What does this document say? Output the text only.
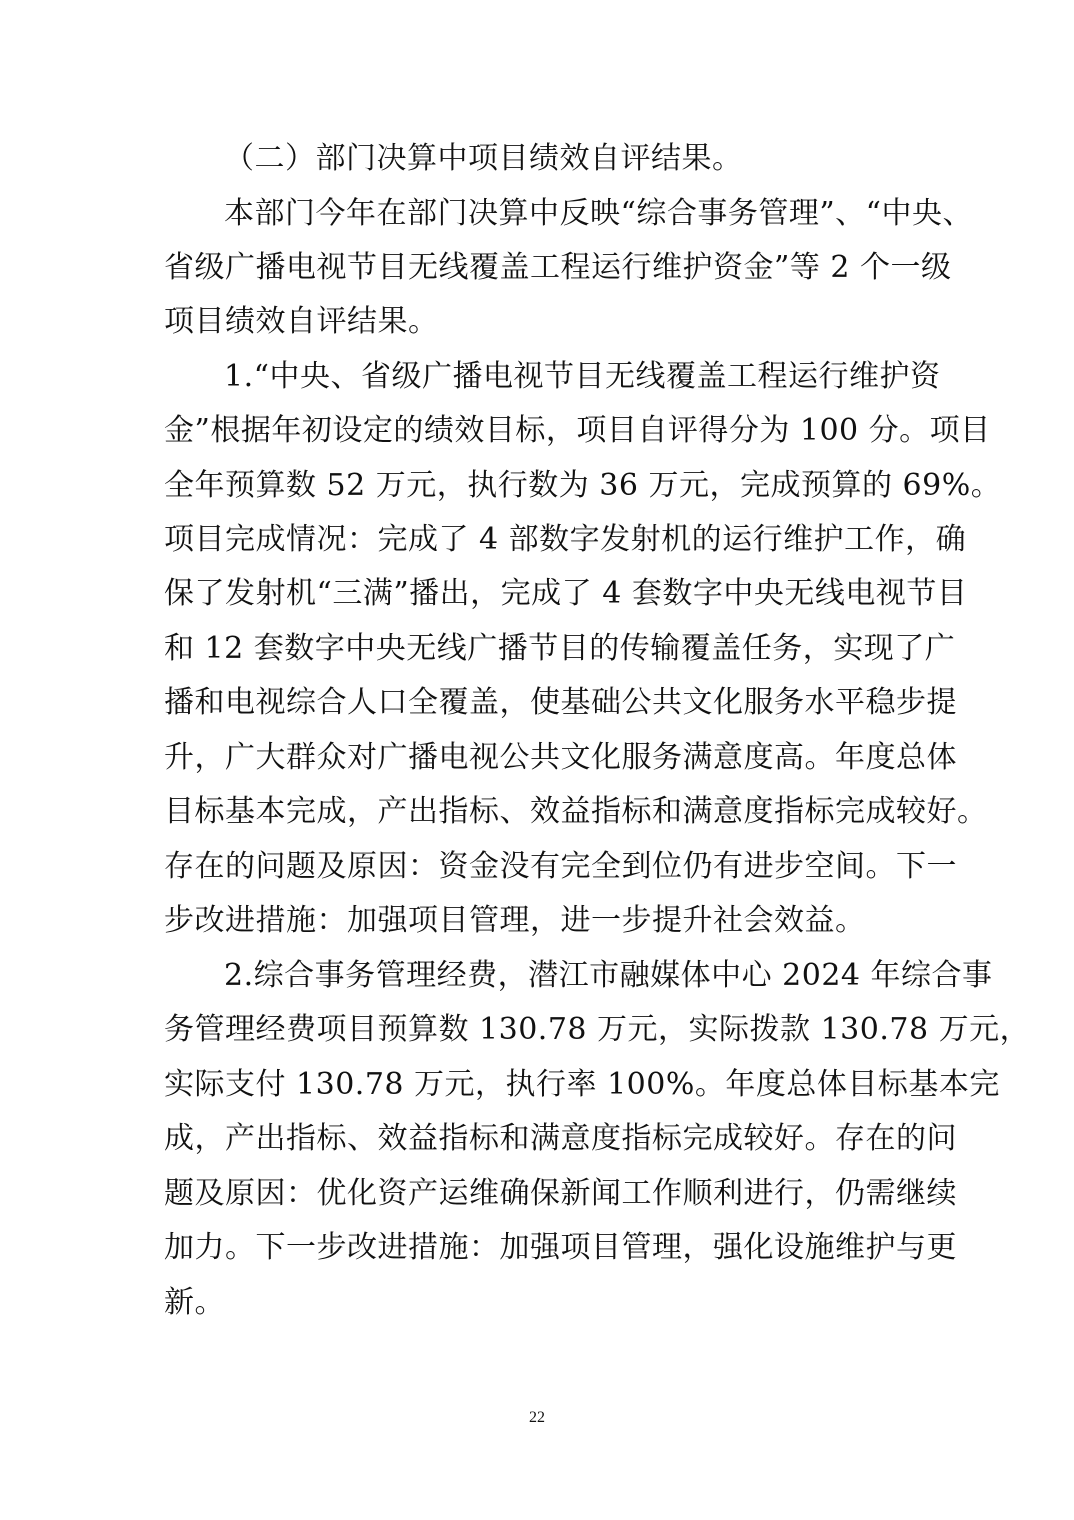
（二）部门决算中项目绩效自评结果。
本部门今年在部门决算中反映“综合事务管理”、“中央、
省级广播电视节目无线覆盖工程运行维护资金”等 2 个一级
项目绩效自评结果。
1.“中央、省级广播电视节目无线覆盖工程运行维护资
金”根据年初设定的绩效目标，项目自评得分为 100 分。项目
全年预算数 52 万元，执行数为 36 万元，完成预算的 69%。
项目完成情况：完成了 4 部数字发射机的运行维护工作，确
保了发射机“三满”播出，完成了 4 套数字中央无线电视节目
和 12 套数字中央无线广播节目的传输覆盖任务，实现了广
播和电视综合人口全覆盖，使基础公共文化服务水平稳步提
升，广大群众对广播电视公共文化服务满意度高。年度总体
目标基本完成，产出指标、效益指标和满意度指标完成较好。
存在的问题及原因：资金没有完全到位仍有进步空间。下一
步改进措施：加强项目管理，进一步提升社会效益。
2.综合事务管理经费，潜江市融媒体中心 2024 年综合事
务管理经费项目预算数 130.78 万元，实际拨款 130.78 万元，
实际支付 130.78 万元，执行率 100%。年度总体目标基本完
成，产出指标、效益指标和满意度指标完成较好。存在的问
题及原因：优化资产运维确保新闻工作顺利进行，仍需继续
加力。下一步改进措施：加强项目管理，强化设施维护与更
新。
22
